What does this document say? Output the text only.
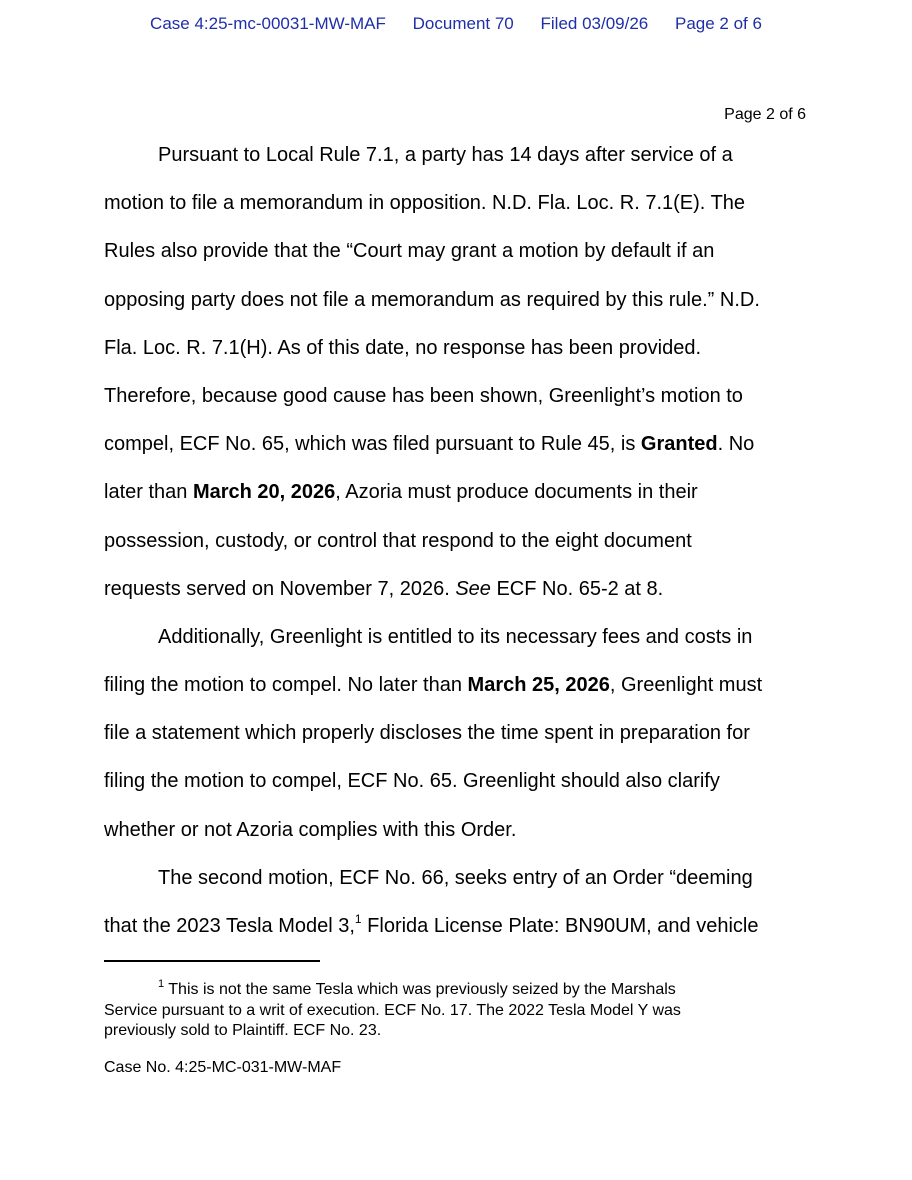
Case 4:25-mc-00031-MW-MAF Document 70 Filed 03/09/26 Page 2 of 6
Page 2 of 6
Pursuant to Local Rule 7.1, a party has 14 days after service of a
motion to file a memorandum in opposition. N.D. Fla. Loc. R. 7.1(E). The
Rules also provide that the “Court may grant a motion by default if an
opposing party does not file a memorandum as required by this rule.” N.D.
Fla. Loc. R. 7.1(H). As of this date, no response has been provided.
Therefore, because good cause has been shown, Greenlight’s motion to
compel, ECF No. 65, which was filed pursuant to Rule 45, is Granted. No
later than March 20, 2026, Azoria must produce documents in their
possession, custody, or control that respond to the eight document
requests served on November 7, 2026. See ECF No. 65-2 at 8.
Additionally, Greenlight is entitled to its necessary fees and costs in
filing the motion to compel. No later than March 25, 2026, Greenlight must
file a statement which properly discloses the time spent in preparation for
filing the motion to compel, ECF No. 65. Greenlight should also clarify
whether or not Azoria complies with this Order.
The second motion, ECF No. 66, seeks entry of an Order “deeming
that the 2023 Tesla Model 3,$^1$ Florida License Plate: BN90UM, and vehicle
$^1$ This is not the same Tesla which was previously seized by the Marshals
Service pursuant to a writ of execution. ECF No. 17. The 2022 Tesla Model Y was
previously sold to Plaintiff. ECF No. 23.
Case No. 4:25-MC-031-MW-MAF
